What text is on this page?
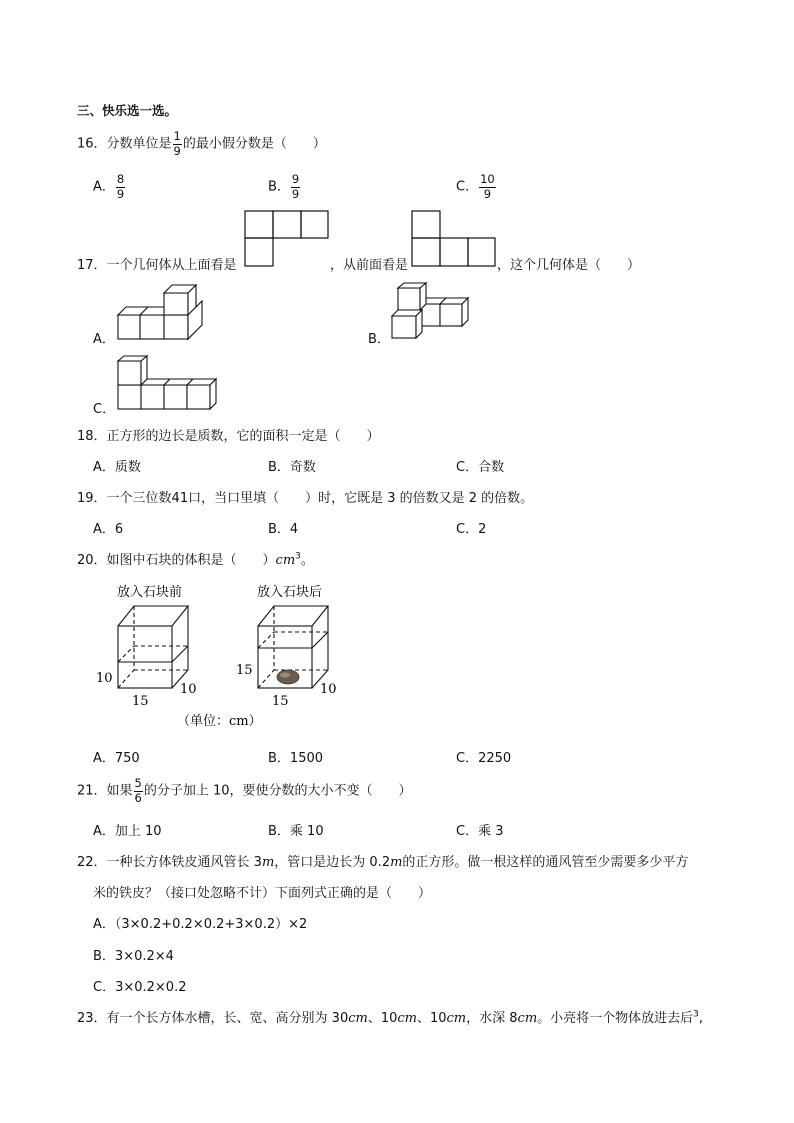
三、快乐选一选。
16．分数单位是 $\frac{1}{9}$ 的最小假分数是（　　）
A． $\frac{8}{9}$	B． $\frac{9}{9}$	C． $\frac{10}{9}$
17．一个几何体从上面看是	，从前面看是	，这个几何体是（　　）
A．	B．
C．
18．正方形的边长是质数，它的面积一定是（　　）
A．质数	B．奇数	C．合数
19．一个三位数41口，当口里填（　　）时，它既是 3 的倍数又是 2 的倍数。
A．6	B．4	C．2
20．如图中石块的体积是（　　）$cm^3$。
放入石块前	放入石块后
10
15
10
15
15
10
（单位：cm）
A．750	B．1500	C．2250
21．如果 $\frac{5}{6}$ 的分子加上 10，要使分数的大小不变（　　）
A．加上 10	B．乘 10	C．乘 3
22．一种长方体铁皮通风管长 3m，管口是边长为 0.2m的正方形。做一根这样的通风管至少需要多少平方
米的铁皮？（接口处忽略不计）下面列式正确的是（　　）
A．（3×0.2+0.2×0.2+3×0.2）×2
B．3×0.2×4
C．3×0.2×0.2
23．有一个长方体水槽，长、宽、高分别为 30cm、10cm、10cm，水深 8cm。小亮将一个物体放进去后$^3$,
